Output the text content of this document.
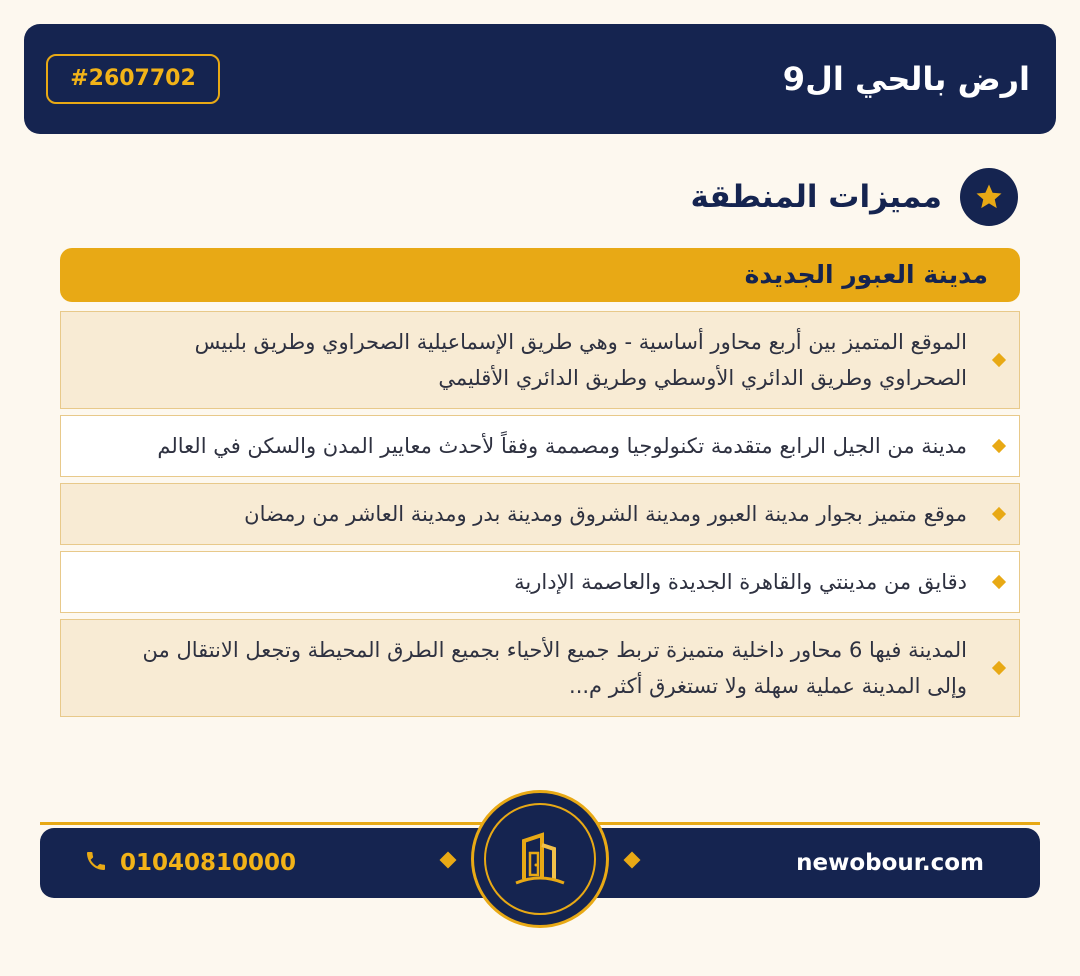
#2607702	ارض بالحي ال9
مميزات المنطقة
مدينة العبور الجديدة
الموقع المتميز بين أربع محاور أساسية - وهي طريق الإسماعيلية الصحراوي وطريق بلبيس الصحراوي وطريق الدائري الأوسطي وطريق الدائري الأقليمي
مدينة من الجيل الرابع متقدمة تكنولوجيا ومصممة وفقاً لأحدث معايير المدن والسكن في العالم
موقع متميز بجوار مدينة العبور ومدينة الشروق ومدينة بدر ومدينة العاشر من رمضان
دقايق من مدينتي والقاهرة الجديدة والعاصمة الإدارية
المدينة فيها 6 محاور داخلية متميزة تربط جميع الأحياء بجميع الطرق المحيطة وتجعل الانتقال من وإلى المدينة عملية سهلة ولا تستغرق أكثر م...
01040810000	newobour.com
